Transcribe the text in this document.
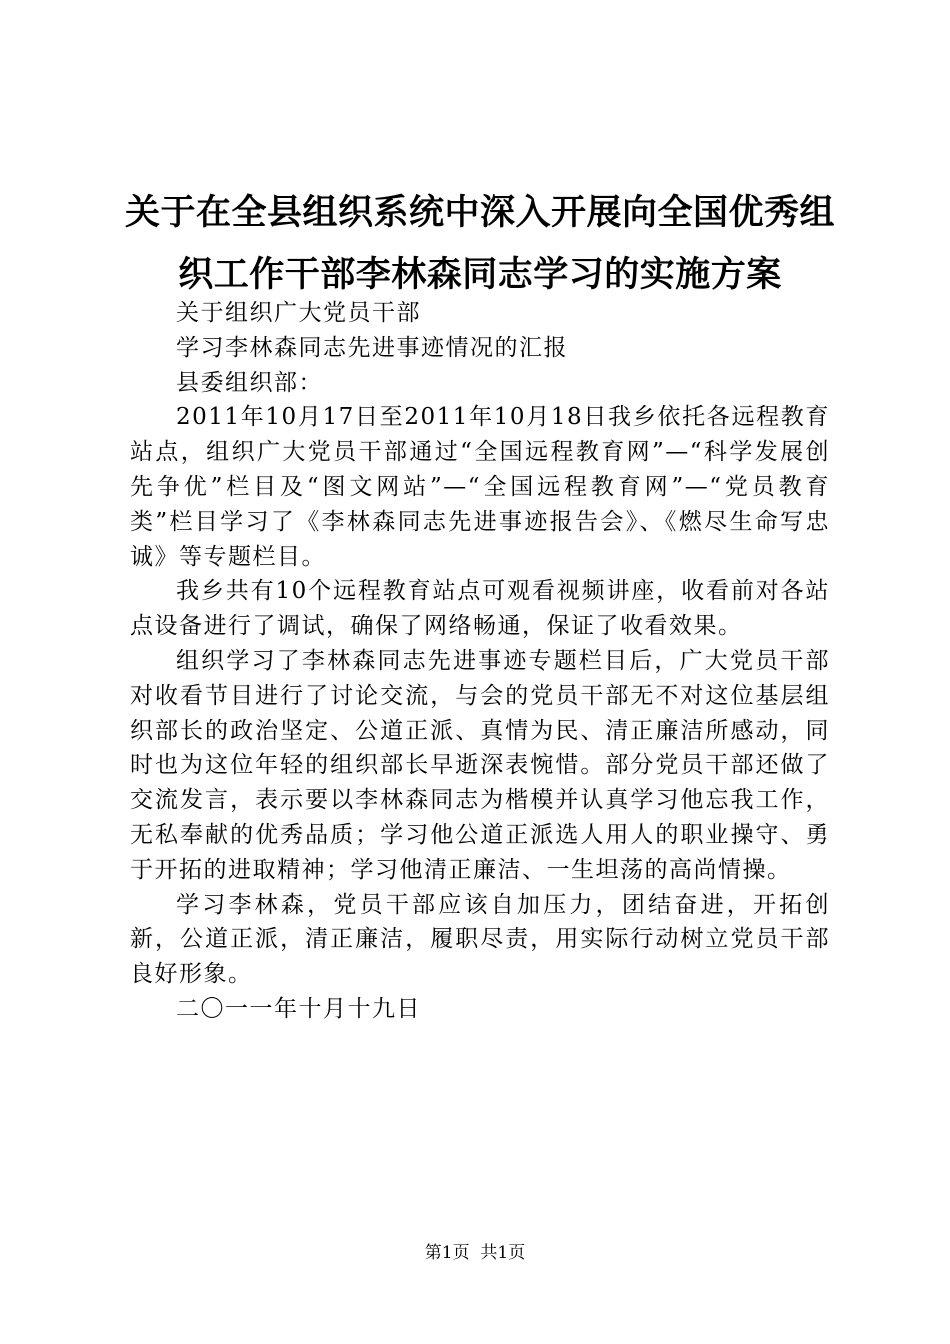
关于在全县组织系统中深入开展向全国优秀组
织工作干部李林森同志学习的实施方案

关于组织广大党员干部

学习李林森同志先进事迹情况的汇报

县委组织部：

2011年10月17日至2011年10月18日我乡依托各远程教育站点，组织广大党员干部通过“全国远程教育网”—“科学发展创先争优”栏目及“图文网站”—“全国远程教育网”—“党员教育类”栏目学习了《李林森同志先进事迹报告会》、《燃尽生命写忠诚》等专题栏目。

我乡共有10个远程教育站点可观看视频讲座，收看前对各站点设备进行了调试，确保了网络畅通，保证了收看效果。

组织学习了李林森同志先进事迹专题栏目后，广大党员干部对收看节目进行了讨论交流，与会的党员干部无不对这位基层组织部长的政治坚定、公道正派、真情为民、清正廉洁所感动，同时也为这位年轻的组织部长早逝深表惋惜。部分党员干部还做了交流发言，表示要以李林森同志为楷模并认真学习他忘我工作，无私奉献的优秀品质；学习他公道正派选人用人的职业操守、勇于开拓的进取精神；学习他清正廉洁、一生坦荡的高尚情操。

学习李林森，党员干部应该自加压力，团结奋进，开拓创新，公道正派，清正廉洁，履职尽责，用实际行动树立党员干部良好形象。

二〇一一年十月十九日

第1页  共1页
